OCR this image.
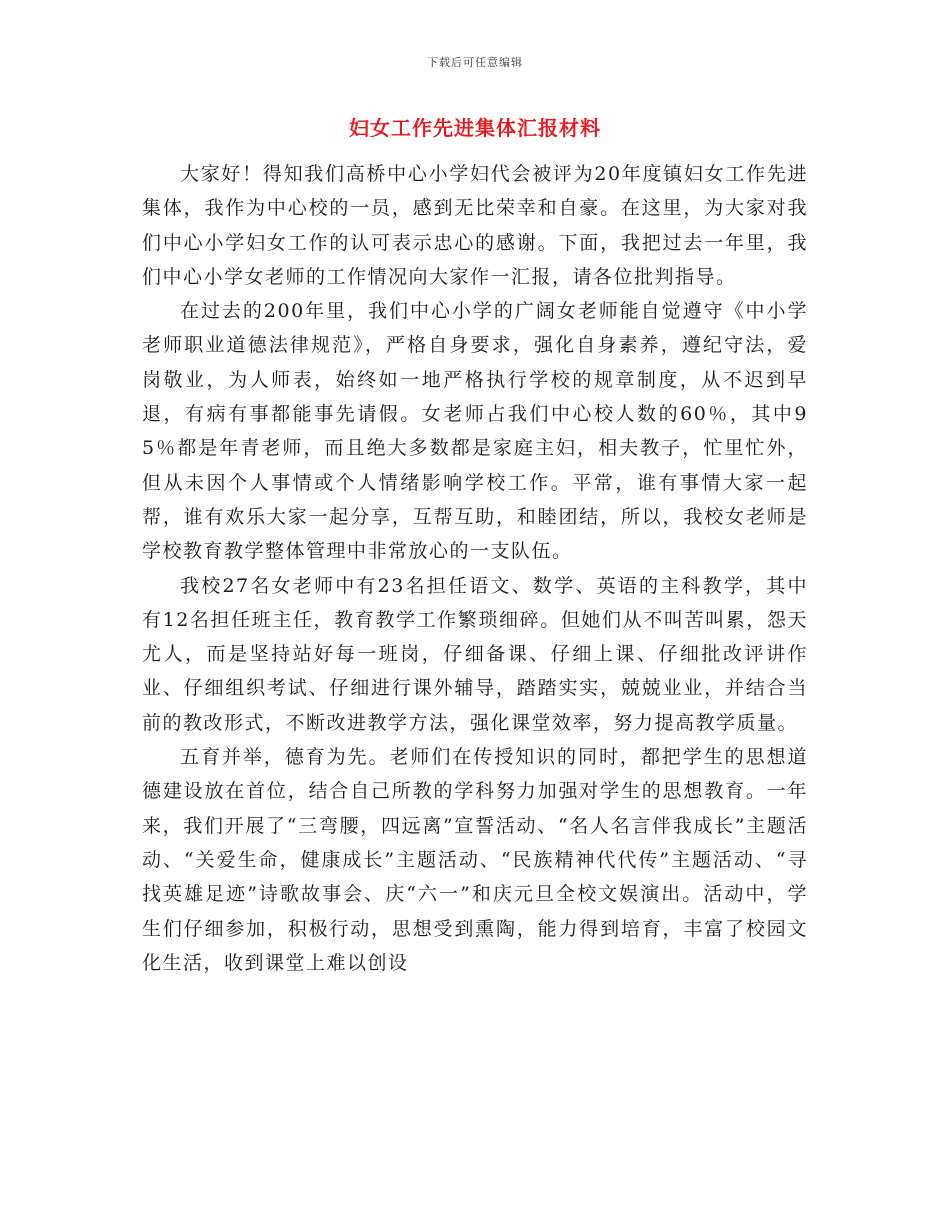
下载后可任意编辑
妇女工作先进集体汇报材料

大家好！得知我们高桥中心小学妇代会被评为20年度镇妇女工作先进集体，我作为中心校的一员，感到无比荣幸和自豪。在这里，为大家对我们中心小学妇女工作的认可表示忠心的感谢。下面，我把过去一年里，我们中心小学女老师的工作情况向大家作一汇报，请各位批判指导。

在过去的200年里，我们中心小学的广阔女老师能自觉遵守《中小学老师职业道德法律规范》，严格自身要求，强化自身素养，遵纪守法，爱岗敬业，为人师表，始终如一地严格执行学校的规章制度，从不迟到早退，有病有事都能事先请假。女老师占我们中心校人数的60％，其中95％都是年青老师，而且绝大多数都是家庭主妇，相夫教子，忙里忙外，但从未因个人事情或个人情绪影响学校工作。平常，谁有事情大家一起帮，谁有欢乐大家一起分享，互帮互助，和睦团结，所以，我校女老师是学校教育教学整体管理中非常放心的一支队伍。

我校27名女老师中有23名担任语文、数学、英语的主科教学，其中有12名担任班主任，教育教学工作繁琐细碎。但她们从不叫苦叫累，怨天尤人，而是坚持站好每一班岗，仔细备课、仔细上课、仔细批改评讲作业、仔细组织考试、仔细进行课外辅导，踏踏实实，兢兢业业，并结合当前的教改形式，不断改进教学方法，强化课堂效率，努力提高教学质量。

五育并举，德育为先。老师们在传授知识的同时，都把学生的思想道德建设放在首位，结合自己所教的学科努力加强对学生的思想教育。一年来，我们开展了“三弯腰，四远离”宣誓活动、“名人名言伴我成长”主题活动、“关爱生命，健康成长”主题活动、“民族精神代代传”主题活动、“寻找英雄足迹”诗歌故事会、庆“六一”和庆元旦全校文娱演出。活动中，学生们仔细参加，积极行动，思想受到熏陶，能力得到培育，丰富了校园文化生活，收到课堂上难以创设
